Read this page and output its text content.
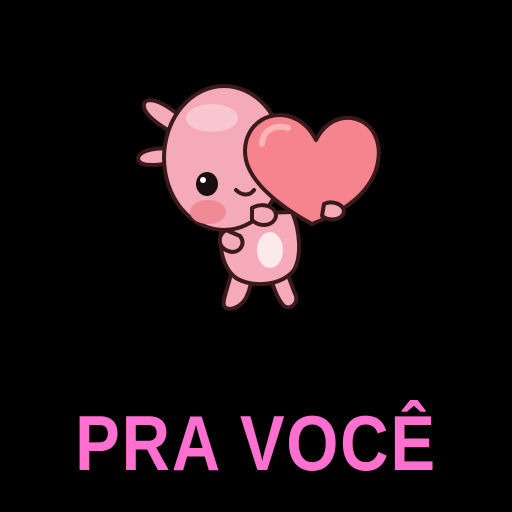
PRA VOCÊ
